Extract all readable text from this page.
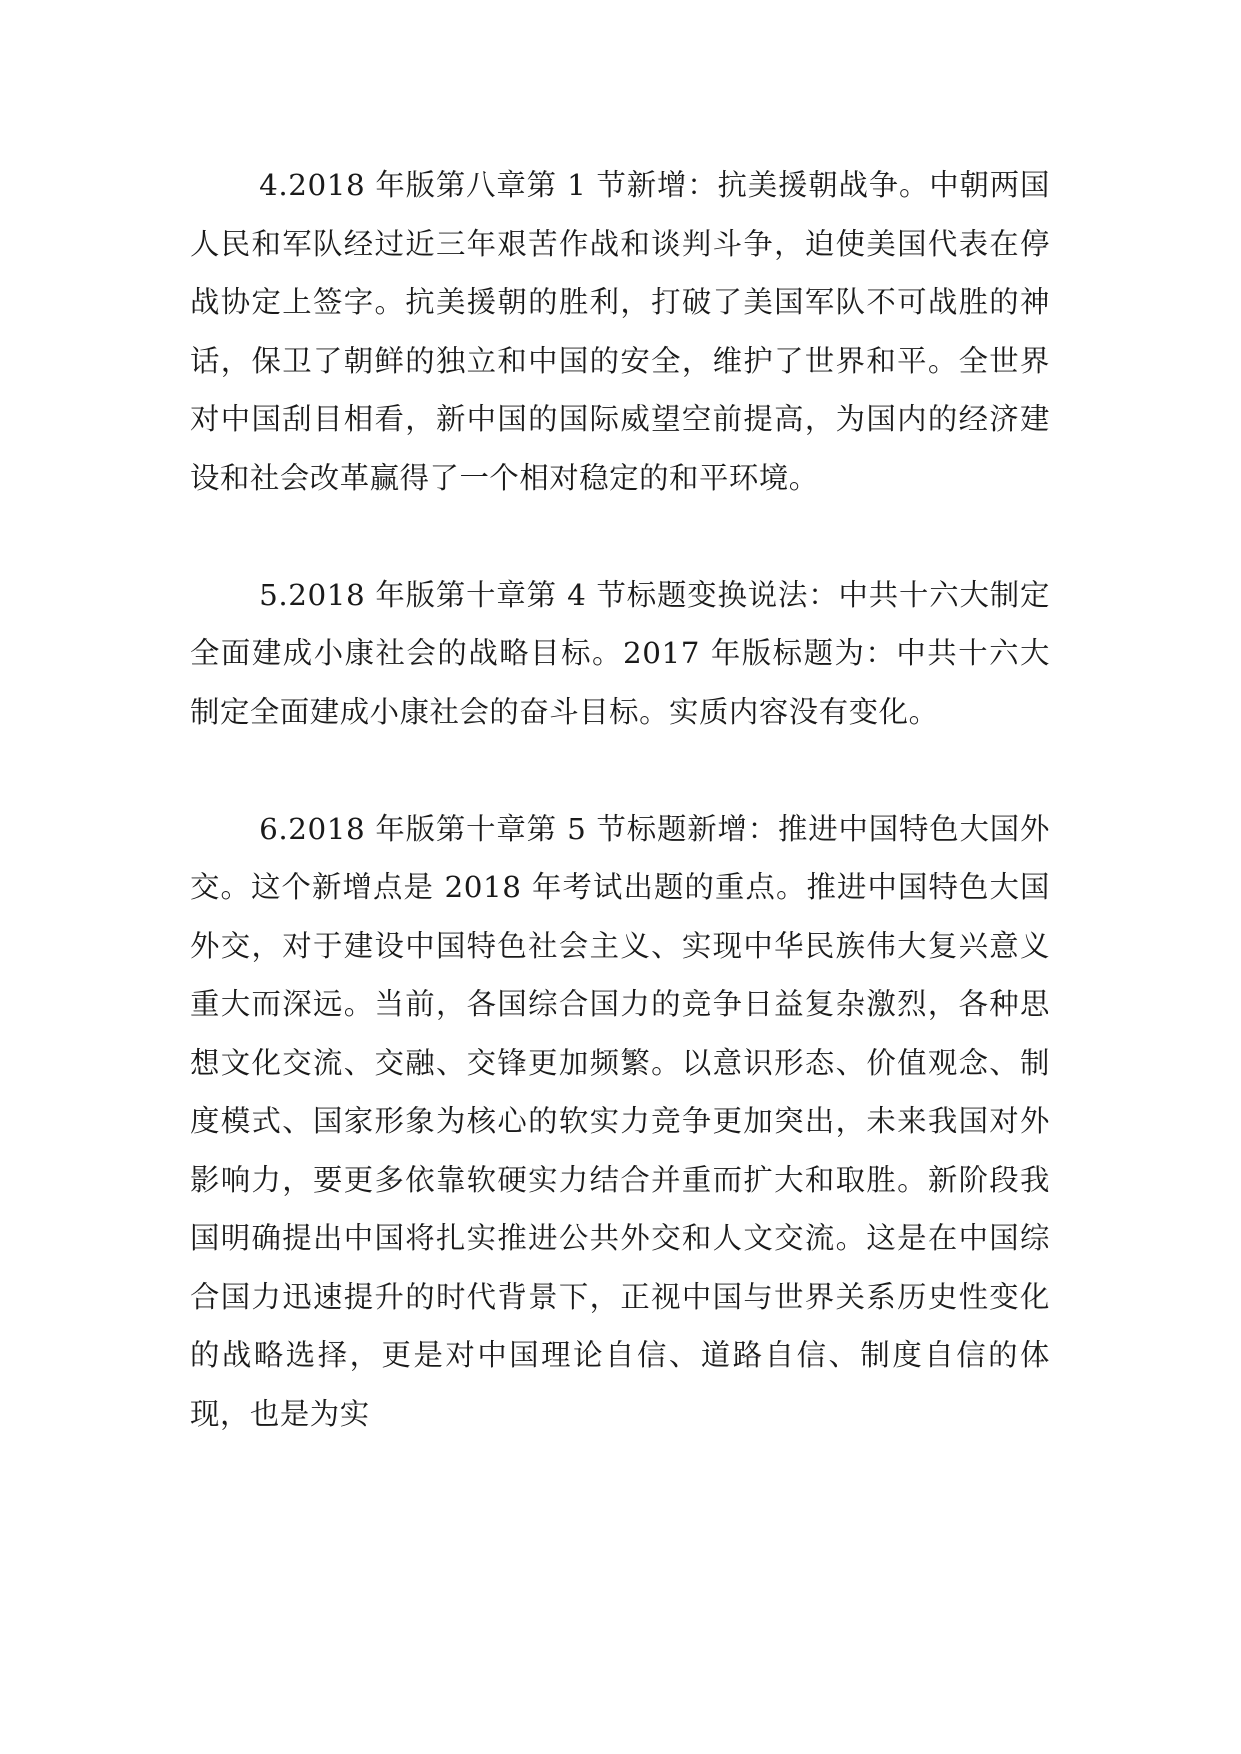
4.2018 年版第八章第 1 节新增：抗美援朝战争。中朝两国人民和军队经过近三年艰苦作战和谈判斗争，迫使美国代表在停战协定上签字。抗美援朝的胜利，打破了美国军队不可战胜的神话，保卫了朝鲜的独立和中国的安全，维护了世界和平。全世界对中国刮目相看，新中国的国际威望空前提高，为国内的经济建设和社会改革赢得了一个相对稳定的和平环境。

5.2018 年版第十章第 4 节标题变换说法：中共十六大制定全面建成小康社会的战略目标。2017 年版标题为：中共十六大制定全面建成小康社会的奋斗目标。实质内容没有变化。

6.2018 年版第十章第 5 节标题新增：推进中国特色大国外交。这个新增点是 2018 年考试出题的重点。推进中国特色大国外交，对于建设中国特色社会主义、实现中华民族伟大复兴意义重大而深远。当前，各国综合国力的竞争日益复杂激烈，各种思想文化交流、交融、交锋更加频繁。以意识形态、价值观念、制度模式、国家形象为核心的软实力竞争更加突出，未来我国对外影响力，要更多依靠软硬实力结合并重而扩大和取胜。新阶段我国明确提出中国将扎实推进公共外交和人文交流。这是在中国综合国力迅速提升的时代背景下，正视中国与世界关系历史性变化的战略选择，更是对中国理论自信、道路自信、制度自信的体现，也是为实
